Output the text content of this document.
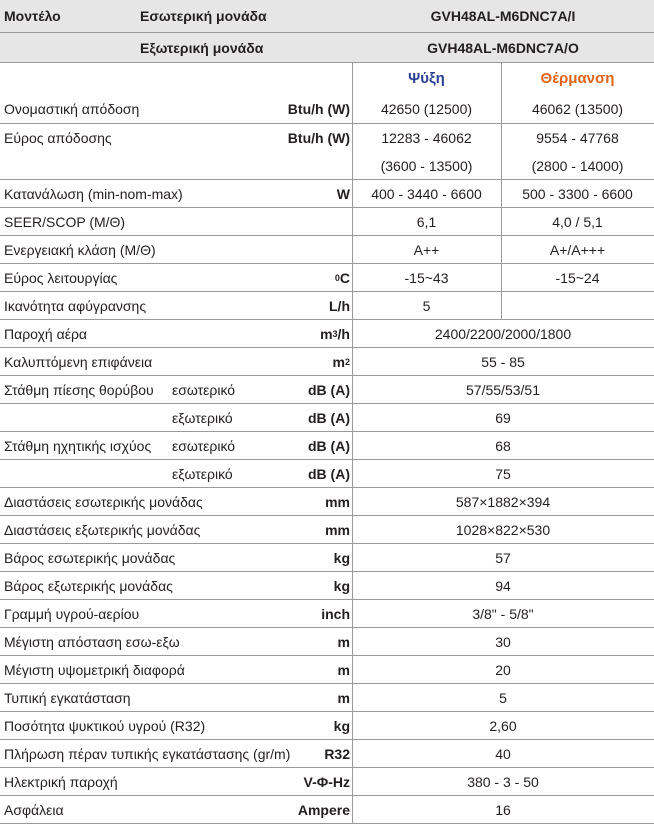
Μοντέλο	Εσωτερική μονάδα	GVH48AL-M6DNC7A/I
Εξωτερική μονάδα	GVH48AL-M6DNC7A/O
Ψύξη	Θέρμανση
Ονομαστική απόδοση	Btu/h (W)	42650 (12500)	46062 (13500)
Εύρος απόδοσης	Btu/h (W)	12283 - 46062	9554 - 47768
(3600 - 13500)	(2800 - 14000)
Κατανάλωση (min-nom-max)	W	400 - 3440 - 6600	500 - 3300 - 6600
SEER/SCOP (Μ/Θ)	6,1	4,0 / 5,1
Ενεργειακή κλάση (Μ/Θ)	A++	A+/A+++
Εύρος λειτουργίας	0 C	-15~43	-15~24
Ικανότητα αφύγρανσης	L/h	5
Παροχή αέρα	m 3 /h	2400/2200/2000/1800
Καλυπτόμενη επιφάνεια	m 2	55 - 85
Στάθμη πίεσης θορύβου εσωτερικό	dB (A)	57/55/53/51
εξωτερικό	dB (A)	69
Στάθμη ηχητικής ισχύος εσωτερικό	dB (A)	68
εξωτερικό	dB (A)	75
Διαστάσεις εσωτερικής μονάδας	mm	587×1882×394
Διαστάσεις εξωτερικής μονάδας	mm	1028×822×530
Βάρος εσωτερικής μονάδας	kg	57
Βάρος εξωτερικής μονάδας	kg	94
Γραμμή υγρού-αερίου	inch	3/8" - 5/8"
Μέγιστη απόσταση εσω-εξω	m	30
Μέγιστη υψομετρική διαφορά	m	20
Τυπική εγκατάσταση	m	5
Ποσότητα ψυκτικού υγρού (R32)	kg	2,60
Πλήρωση πέραν τυπικής εγκατάστασης (gr/m)	R32	40
Ηλεκτρική παροχή	V-Φ-Hz	380 - 3 - 50
Ασφάλεια	Ampere	16
